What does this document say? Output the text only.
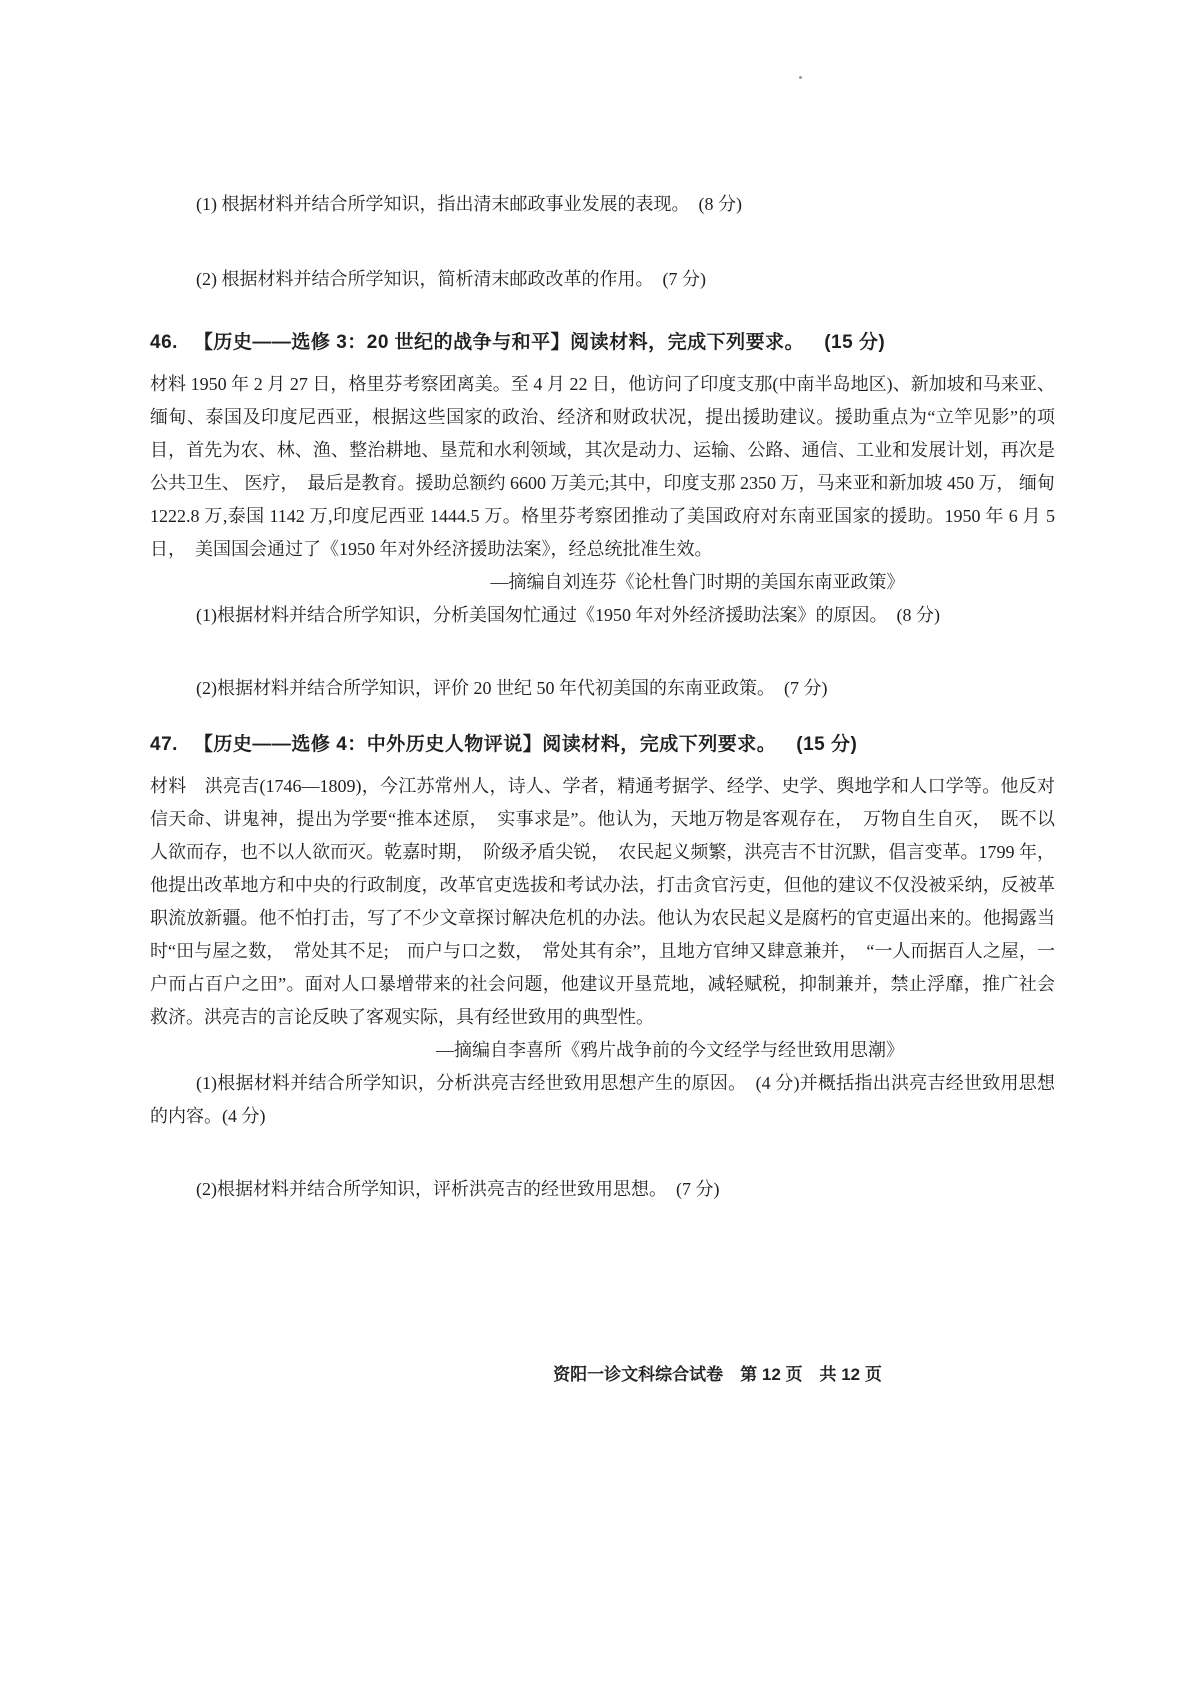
(1) 根据材料并结合所学知识，指出清末邮政事业发展的表现。　(8 分)

(2) 根据材料并结合所学知识，简析清末邮政改革的作用。　(7 分)

46. 【历史——选修 3：20 世纪的战争与和平】阅读材料，完成下列要求。 (15 分)

材料 1950 年 2 月 27 日，格里芬考察团离美。至 4 月 22 日，他访问了印度支那(中南半岛地区)、新加坡和马来亚、缅甸、泰国及印度尼西亚，根据这些国家的政治、经济和财政状况，提出援助建议。援助重点为“立竿见影”的项目，首先为农、林、渔、整治耕地、垦荒和水利领域，其次是动力、运输、公路、通信、工业和发展计划，再次是公共卫生、 医疗，　最后是教育。援助总额约 6600 万美元;其中，印度支那 2350 万，马来亚和新加坡 450 万， 缅甸 1222.8 万,泰国 1142 万,印度尼西亚 1444.5 万。格里芬考察团推动了美国政府对东南亚国家的援助。1950 年 6 月 5 日，　美国国会通过了《1950 年对外经济援助法案》，经总统批准生效。

—摘编自刘连芬《论杜鲁门时期的美国东南亚政策》

(1)根据材料并结合所学知识，分析美国匆忙通过《1950 年对外经济援助法案》的原因。　(8 分)

(2)根据材料并结合所学知识，评价 20 世纪 50 年代初美国的东南亚政策。　(7 分)

47. 【历史——选修 4：中外历史人物评说】阅读材料，完成下列要求。 (15 分)

材料　洪亮吉(1746—1809)，今江苏常州人，诗人、学者，精通考据学、经学、史学、舆地学和人口学等。他反对信天命、讲鬼神，提出为学要“推本述原，　实事求是”。他认为，天地万物是客观存在，　万物自生自灭，　既不以人欲而存，也不以人欲而灭。乾嘉时期，　阶级矛盾尖锐，　农民起义频繁，洪亮吉不甘沉默，倡言变革。1799 年，他提出改革地方和中央的行政制度，改革官吏选拔和考试办法，打击贪官污吏，但他的建议不仅没被采纳，反被革职流放新疆。他不怕打击，写了不少文章探讨解决危机的办法。他认为农民起义是腐朽的官吏逼出来的。他揭露当时“田与屋之数，　常处其不足;　而户与口之数，　常处其有余”，且地方官绅又肆意兼并，　“一人而据百人之屋，一户而占百户之田”。面对人口暴增带来的社会问题，他建议开垦荒地，减轻赋税，抑制兼并，禁止浮靡，推广社会救济。洪亮吉的言论反映了客观实际，具有经世致用的典型性。

—摘编自李喜所《鸦片战争前的今文经学与经世致用思潮》

(1)根据材料并结合所学知识，分析洪亮吉经世致用思想产生的原因。　(4 分)并概括指出洪亮吉经世致用思想的内容。(4 分)

(2)根据材料并结合所学知识，评析洪亮吉的经世致用思想。　(7 分)

资阳一诊文科综合试卷　第 12 页　共 12 页
